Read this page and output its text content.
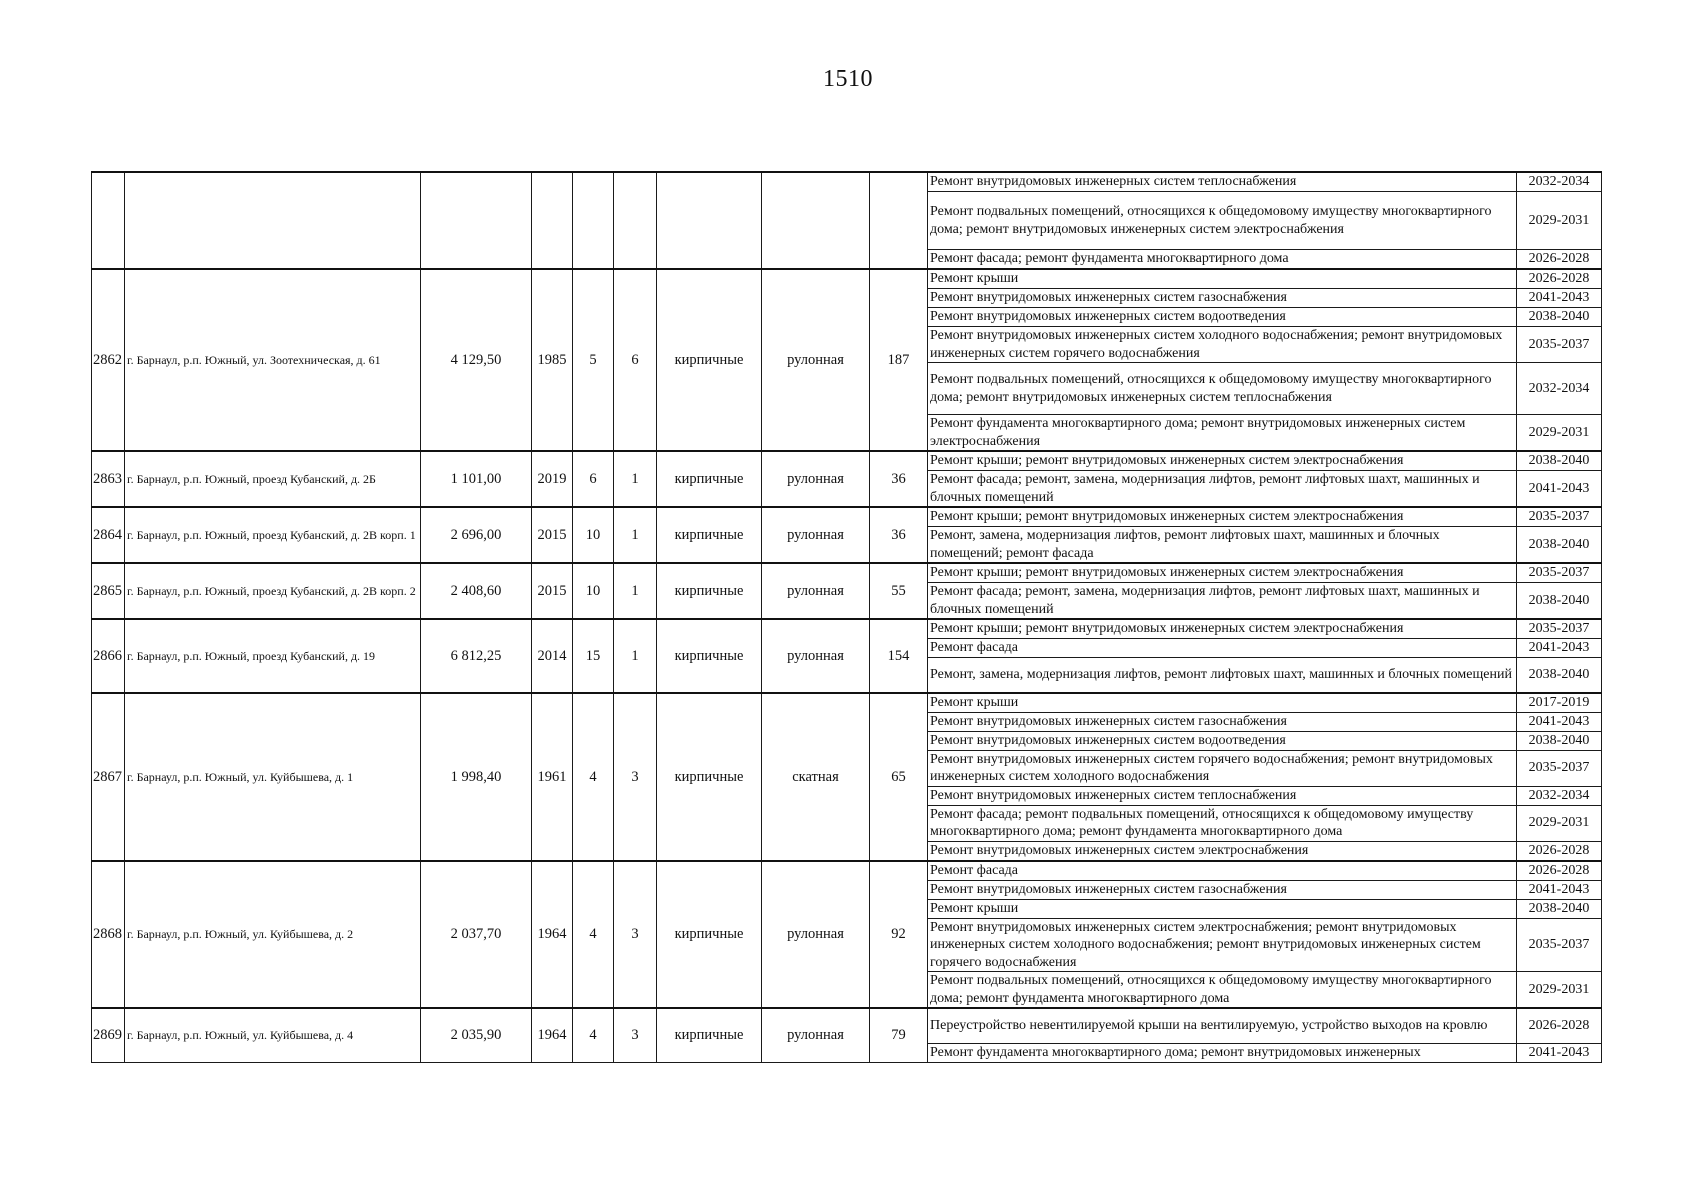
1510
									Ремонт внутридомовых инженерных систем теплоснабжения	2032-2034
									Ремонт подвальных помещений, относящихся к общедомовому имуществу многоквартирного дома; ремонт внутридомовых инженерных систем электроснабжения	2029-2031
									Ремонт фасада; ремонт фундамента многоквартирного дома	2026-2028
2862	г. Барнаул, р.п. Южный, ул. Зоотехническая, д. 61	4 129,50	1985	5	6	кирпичные	рулонная	187	Ремонт крыши	2026-2028
									Ремонт внутридомовых инженерных систем газоснабжения	2041-2043
									Ремонт внутридомовых инженерных систем водоотведения	2038-2040
									Ремонт внутридомовых инженерных систем холодного водоснабжения; ремонт внутридомовых инженерных систем горячего водоснабжения	2035-2037
									Ремонт подвальных помещений, относящихся к общедомовому имуществу многоквартирного дома; ремонт внутридомовых инженерных систем теплоснабжения	2032-2034
									Ремонт фундамента многоквартирного дома; ремонт внутридомовых инженерных систем электроснабжения	2029-2031
2863	г. Барнаул, р.п. Южный, проезд Кубанский, д. 2Б	1 101,00	2019	6	1	кирпичные	рулонная	36	Ремонт крыши; ремонт внутридомовых инженерных систем электроснабжения	2038-2040
									Ремонт фасада; ремонт, замена, модернизация лифтов, ремонт лифтовых шахт, машинных и блочных помещений	2041-2043
2864	г. Барнаул, р.п. Южный, проезд Кубанский, д. 2В корп. 1	2 696,00	2015	10	1	кирпичные	рулонная	36	Ремонт крыши; ремонт внутридомовых инженерных систем электроснабжения	2035-2037
									Ремонт, замена, модернизация лифтов, ремонт лифтовых шахт, машинных и блочных помещений; ремонт фасада	2038-2040
2865	г. Барнаул, р.п. Южный, проезд Кубанский, д. 2В корп. 2	2 408,60	2015	10	1	кирпичные	рулонная	55	Ремонт крыши; ремонт внутридомовых инженерных систем электроснабжения	2035-2037
									Ремонт фасада; ремонт, замена, модернизация лифтов, ремонт лифтовых шахт, машинных и блочных помещений	2038-2040
2866	г. Барнаул, р.п. Южный, проезд Кубанский, д. 19	6 812,25	2014	15	1	кирпичные	рулонная	154	Ремонт крыши; ремонт внутридомовых инженерных систем электроснабжения	2035-2037
									Ремонт фасада	2041-2043
									Ремонт, замена, модернизация лифтов, ремонт лифтовых шахт, машинных и блочных помещений	2038-2040
2867	г. Барнаул, р.п. Южный, ул. Куйбышева, д. 1	1 998,40	1961	4	3	кирпичные	скатная	65	Ремонт крыши	2017-2019
									Ремонт внутридомовых инженерных систем газоснабжения	2041-2043
									Ремонт внутридомовых инженерных систем водоотведения	2038-2040
									Ремонт внутридомовых инженерных систем горячего водоснабжения; ремонт внутридомовых инженерных систем холодного водоснабжения	2035-2037
									Ремонт внутридомовых инженерных систем теплоснабжения	2032-2034
									Ремонт фасада; ремонт подвальных помещений, относящихся к общедомовому имуществу многоквартирного дома; ремонт фундамента многоквартирного дома	2029-2031
									Ремонт внутридомовых инженерных систем электроснабжения	2026-2028
2868	г. Барнаул, р.п. Южный, ул. Куйбышева, д. 2	2 037,70	1964	4	3	кирпичные	рулонная	92	Ремонт фасада	2026-2028
									Ремонт внутридомовых инженерных систем газоснабжения	2041-2043
									Ремонт крыши	2038-2040
									Ремонт внутридомовых инженерных систем электроснабжения; ремонт внутридомовых инженерных систем холодного водоснабжения; ремонт внутридомовых инженерных систем горячего водоснабжения	2035-2037
									Ремонт подвальных помещений, относящихся к общедомовому имуществу многоквартирного дома; ремонт фундамента многоквартирного дома	2029-2031
2869	г. Барнаул, р.п. Южный, ул. Куйбышева, д. 4	2 035,90	1964	4	3	кирпичные	рулонная	79	Переустройство невентилируемой крыши на вентилируемую, устройство выходов на кровлю	2026-2028
									Ремонт фундамента многоквартирного дома; ремонт внутридомовых инженерных	2041-2043
